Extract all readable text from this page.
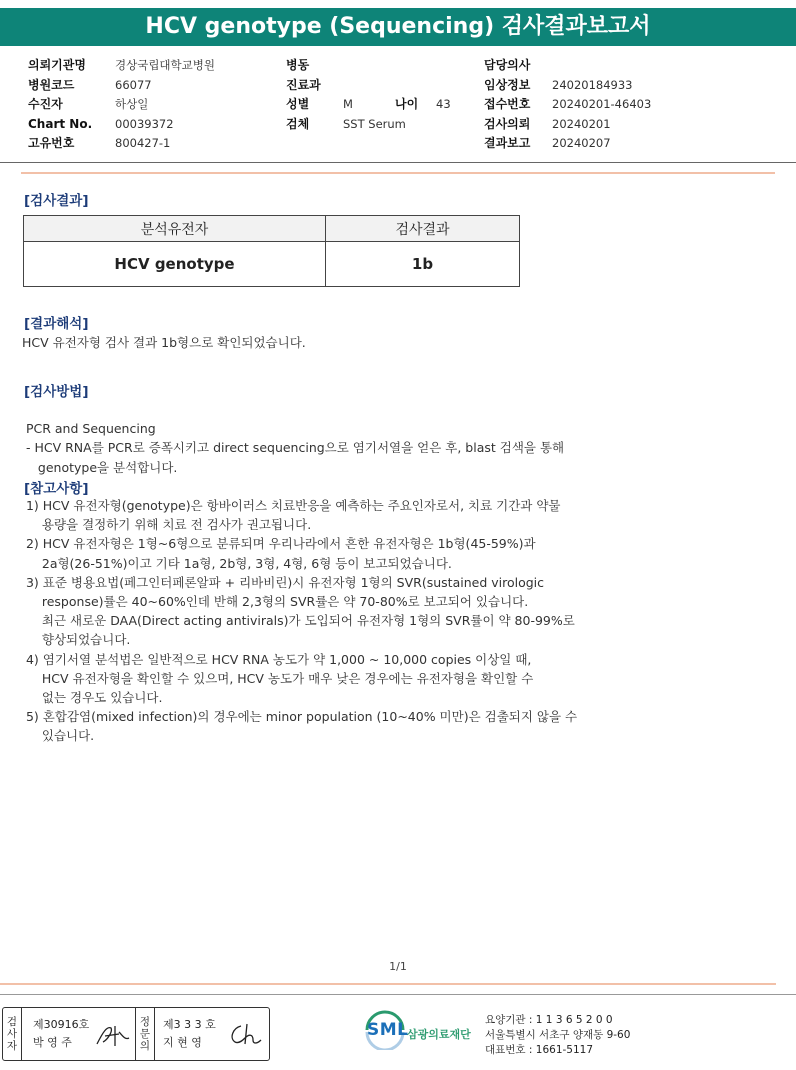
HCV genotype (Sequencing) 검사결과보고서
의뢰기관명	경상국립대학교병원
병원코드	66077
수진자	하상일
Chart No. 00039372
고유번호	800427-1
병동
진료과
성별	M	나이 43
검체	SST Serum
담당의사
임상정보 24020184933
접수번호 20240201-46403
검사의뢰 20240201
결과보고 20240207
[검사결과]
분석유전자	검사결과
HCV genotype	1b
[결과해석]
HCV 유전자형 검사 결과 1b형으로 확인되었습니다.
[검사방법]

PCR and Sequencing
- HCV RNA를 PCR로 증폭시키고 direct sequencing으로 염기서열을 얻은 후, blast 검색을 통해
genotype을 분석합니다.
[참고사항]
1) HCV 유전자형(genotype)은 항바이러스 치료반응을 예측하는 주요인자로서, 치료 기간과 약물
용량을 결정하기 위해 치료 전 검사가 권고됩니다.
2) HCV 유전자형은 1형~6형으로 분류되며 우리나라에서 흔한 유전자형은 1b형(45-59%)과
2a형(26-51%)이고 기타 1a형, 2b형, 3형, 4형, 6형 등이 보고되었습니다.
3) 표준 병용요법(페그인터페론알파 + 리바비린)시 유전자형 1형의 SVR(sustained virologic
response)률은 40~60%인데 반해 2,3형의 SVR률은 약 70-80%로 보고되어 있습니다.
최근 새로운 DAA(Direct acting antivirals)가 도입되어 유전자형 1형의 SVR률이 약 80-99%로
향상되었습니다.
4) 염기서열 분석법은 일반적으로 HCV RNA 농도가 약 1,000 ~ 10,000 copies 이상일 때,
HCV 유전자형을 확인할 수 있으며, HCV 농도가 매우 낮은 경우에는 유전자형을 확인할 수
없는 경우도 있습니다.
5) 혼합감염(mixed infection)의 경우에는 minor population (10~40% 미만)은 검출되지 않을 수
있습니다.
1/1
검
사
자
제30916호
박 영 주
정
문
의
제3 3 3 호
지 현 영
SML
삼광의료재단
요양기관 : 1 1 3 6 5 2 0 0
서울특별시 서초구 양재동 9-60
대표번호 : 1661-5117
